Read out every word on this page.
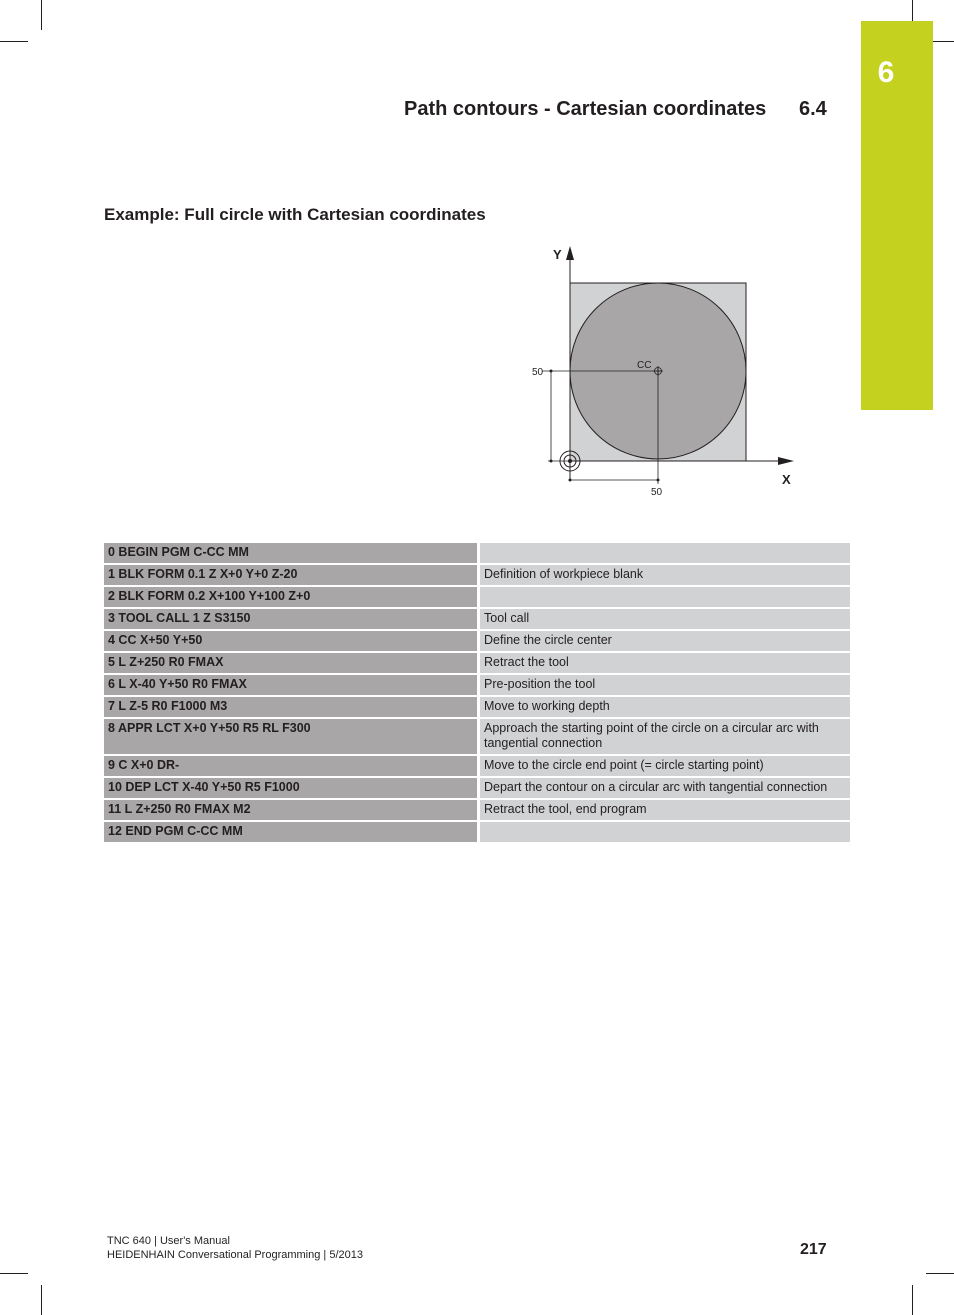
6
Path contours - Cartesian coordinates 6.4
Example: Full circle with Cartesian coordinates
Y
X
CC
50
50
0 BEGIN PGM C-CC MM	
1 BLK FORM 0.1 Z X+0 Y+0 Z-20	Definition of workpiece blank
2 BLK FORM 0.2 X+100 Y+100 Z+0	
3 TOOL CALL 1 Z S3150	Tool call
4 CC X+50 Y+50	Define the circle center
5 L Z+250 R0 FMAX	Retract the tool
6 L X-40 Y+50 R0 FMAX	Pre-position the tool
7 L Z-5 R0 F1000 M3	Move to working depth
8 APPR LCT X+0 Y+50 R5 RL F300	Approach the starting point of the circle on a circular arc with tangential connection
9 C X+0 DR-	Move to the circle end point (= circle starting point)
10 DEP LCT X-40 Y+50 R5 F1000	Depart the contour on a circular arc with tangential connection
11 L Z+250 R0 FMAX M2	Retract the tool, end program
12 END PGM C-CC MM	
TNC 640 | User's Manual
HEIDENHAIN Conversational Programming | 5/2013	217
